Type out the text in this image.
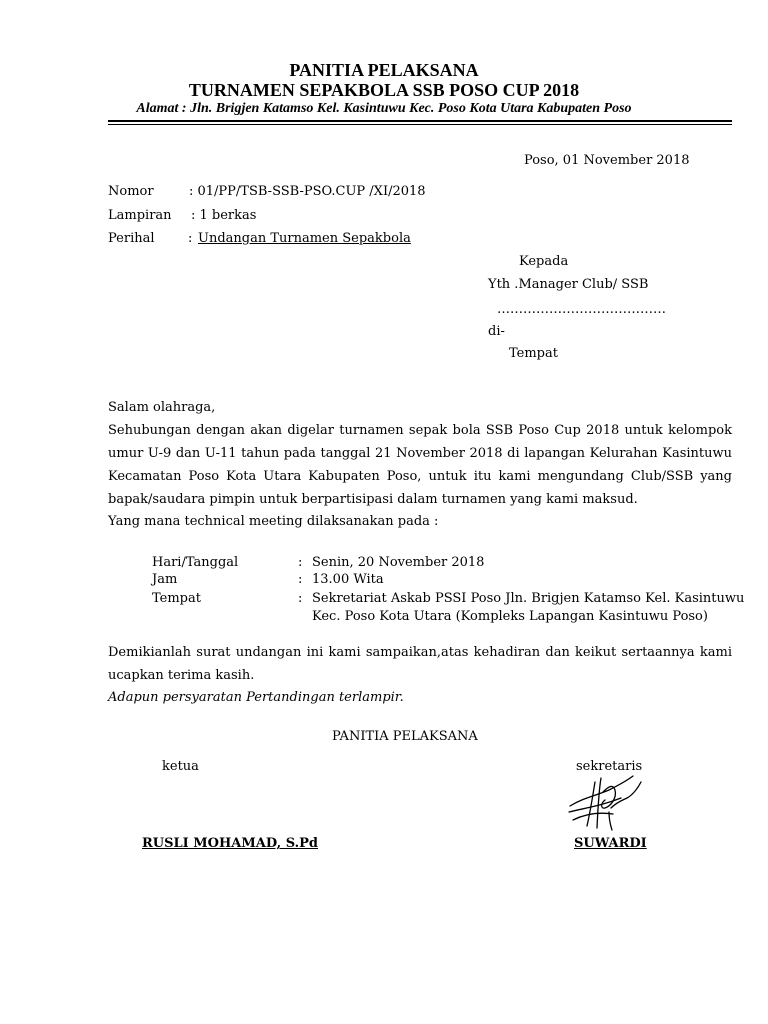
PANITIA PELAKSANA
TURNAMEN SEPAKBOLA SSB POSO CUP 2018
Alamat : Jln. Brigjen Katamso Kel. Kasintuwu Kec. Poso Kota Utara Kabupaten Poso
Poso, 01 November 2018
Nomor	: 01/PP/TSB-SSB-PSO.CUP /XI/2018
Lampiran : 1 berkas
Perihal	: Undangan Turnamen Sepakbola
Kepada
Yth .Manager Club/ SSB
…………………………………
di-
Tempat
Salam olahraga,
Sehubungan dengan akan digelar turnamen sepak bola SSB Poso Cup 2018 untuk kelompok
umur U-9 dan U-11 tahun pada tanggal 21 November 2018 di lapangan Kelurahan Kasintuwu
Kecamatan Poso Kota Utara Kabupaten Poso, untuk itu kami mengundang Club/SSB yang
bapak/saudara pimpin untuk berpartisipasi dalam turnamen yang kami maksud.
Yang mana technical meeting dilaksanakan pada :
Hari/Tanggal	: Senin, 20 November 2018
Jam	: 13.00 Wita
Tempat	: Sekretariat Askab PSSI Poso Jln. Brigjen Katamso Kel. Kasintuwu
Kec. Poso Kota Utara (Kompleks Lapangan Kasintuwu Poso)
Demikianlah surat undangan ini kami sampaikan,atas kehadiran dan keikut sertaannya kami
ucapkan terima kasih.
Adapun persyaratan Pertandingan terlampir.
PANITIA PELAKSANA
ketua	sekretaris
RUSLI MOHAMAD, S.Pd	SUWARDI
